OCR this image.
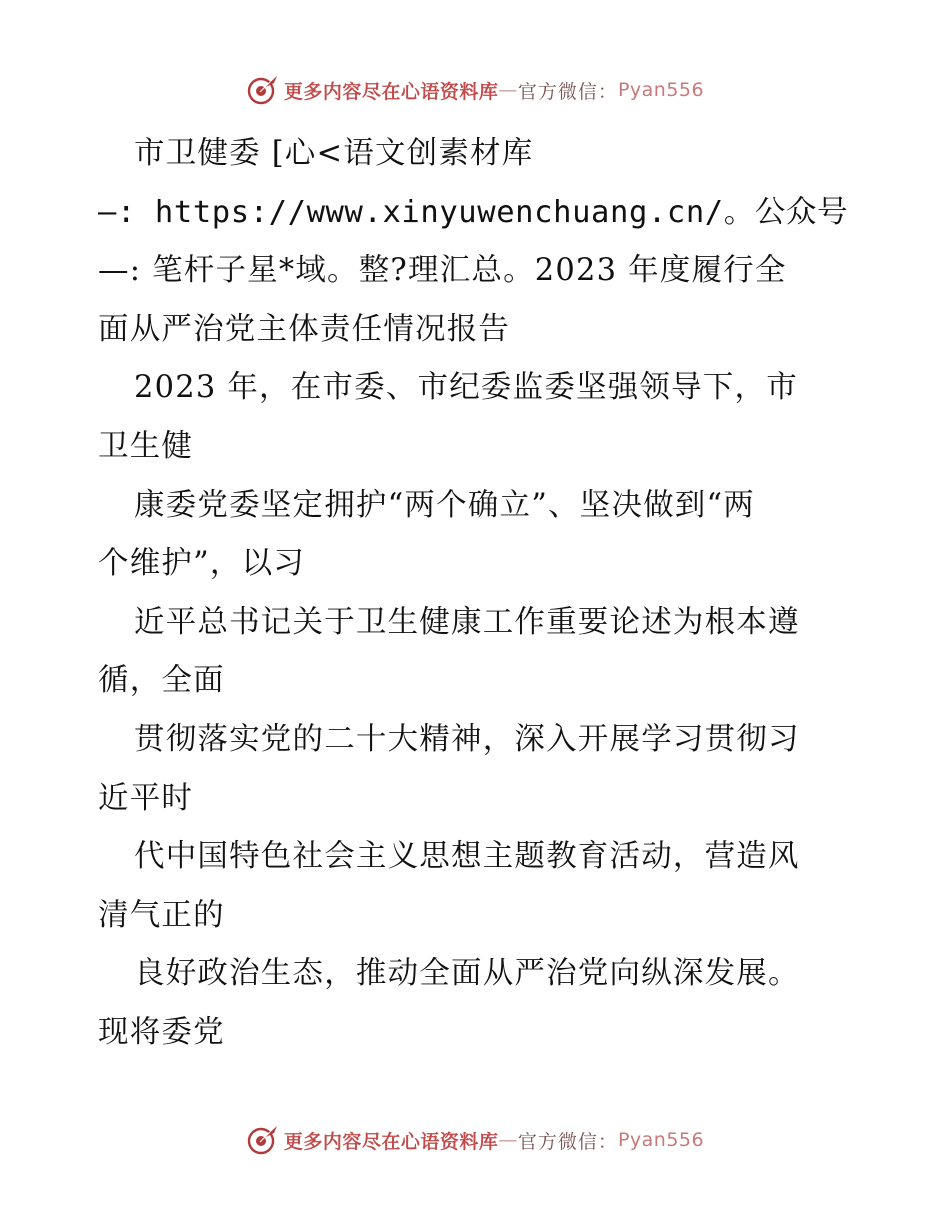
更多内容尽在心语资料库 — 官方微信： Pyan556
市卫健委 [心<语文创素材库
—: https://www.xinyuwenchuang.cn/。公众号
—: 笔杆子星*域。整?理汇总。2023 年度履行全
面从严治党主体责任情况报告
2023 年，在市委、市纪委监委坚强领导下，市
卫生健
康委党委坚定拥护“两个确立”、坚决做到“两
个维护”，以习
近平总书记关于卫生健康工作重要论述为根本遵
循，全面
贯彻落实党的二十大精神，深入开展学习贯彻习
近平时
代中国特色社会主义思想主题教育活动，营造风
清气正的
良好政治生态，推动全面从严治党向纵深发展。
现将委党
更多内容尽在心语资料库 — 官方微信： Pyan556
